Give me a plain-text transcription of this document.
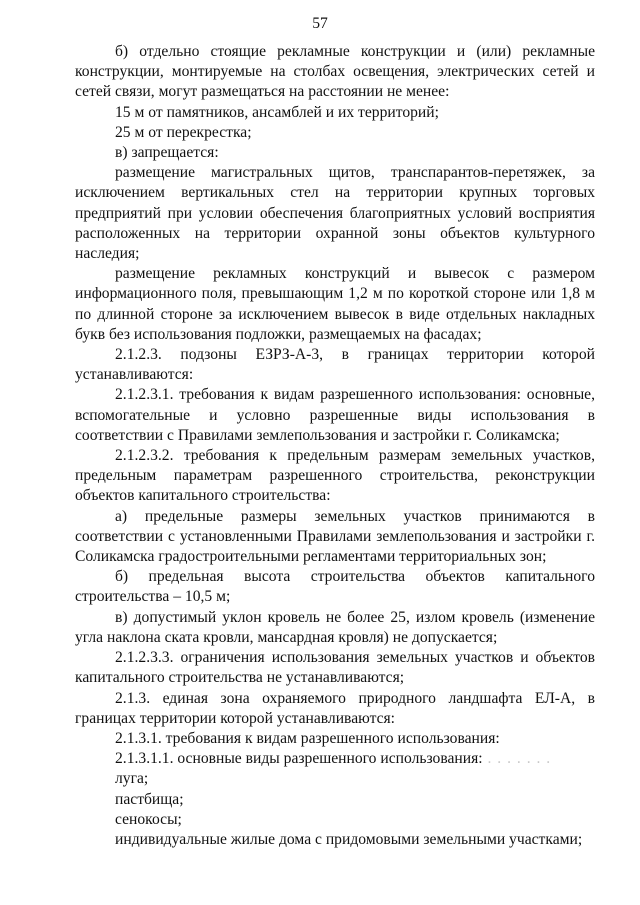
57

б) отдельно стоящие рекламные конструкции и (или) рекламные конструкции, монтируемые на столбах освещения, электрических сетей и сетей связи, могут размещаться на расстоянии не менее:

15 м от памятников, ансамблей и их территорий;

25 м от перекрестка;

в) запрещается:

размещение магистральных щитов, транспарантов-перетяжек, за исключением вертикальных стел на территории крупных торговых предприятий при условии обеспечения благоприятных условий восприятия расположенных на территории охранной зоны объектов культурного наследия;

размещение рекламных конструкций и вывесок с размером информационного поля, превышающим 1,2 м по короткой стороне или 1,8 м по длинной стороне за исключением вывесок в виде отдельных накладных букв без использования подложки, размещаемых на фасадах;

2.1.2.3. подзоны ЕЗРЗ-А-3, в границах территории которой устанавливаются:

2.1.2.3.1. требования к видам разрешенного использования: основные, вспомогательные и условно разрешенные виды использования в соответствии с Правилами землепользования и застройки г. Соликамска;

2.1.2.3.2. требования к предельным размерам земельных участков, предельным параметрам разрешенного строительства, реконструкции объектов капитального строительства:

а) предельные размеры земельных участков принимаются в соответствии с установленными Правилами землепользования и застройки г. Соликамска градостроительными регламентами территориальных зон;

б) предельная высота строительства объектов капитального строительства – 10,5 м;

в) допустимый уклон кровель не более 25, излом кровель (изменение угла наклона ската кровли, мансардная кровля) не допускается;

2.1.2.3.3. ограничения использования земельных участков и объектов капитального строительства не устанавливаются;

2.1.3. единая зона охраняемого природного ландшафта ЕЛ-А, в границах территории которой устанавливаются:

2.1.3.1. требования к видам разрешенного использования:

2.1.3.1.1. основные виды разрешенного использования: . . . . . . .

луга;

пастбища;

сенокосы;

индивидуальные жилые дома с придомовыми земельными участками;
